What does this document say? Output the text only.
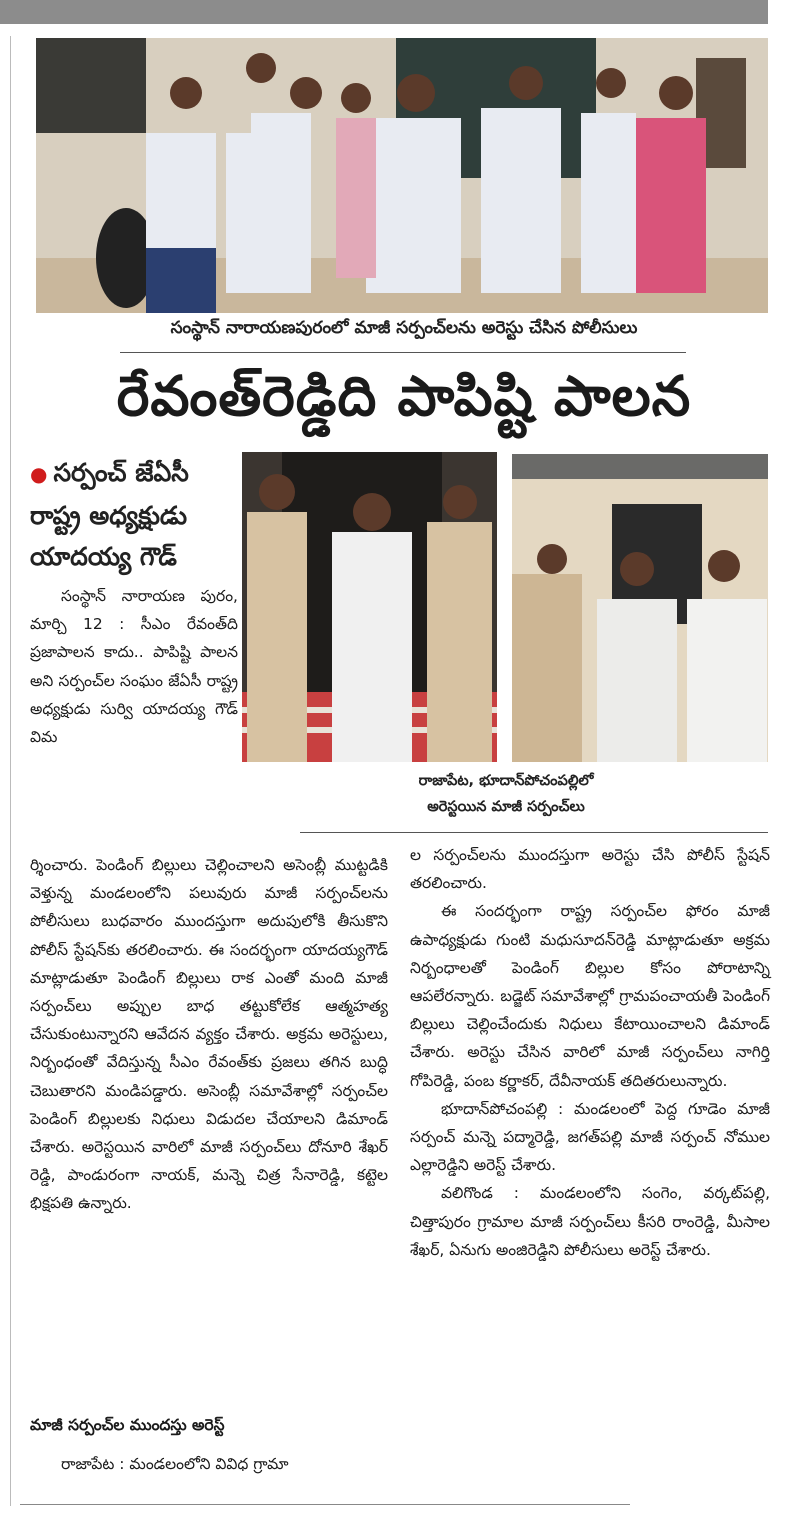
సంస్థాన్ నారాయణపురంలో మాజీ సర్పంచ్‌లను అరెస్టు చేసిన పోలీసులు
రేవంత్‌రెడ్డిది పాపిష్టి పాలన
● సర్పంచ్ జేఏసీ
రాష్ట్ర అధ్యక్షుడు
యాదయ్య గౌడ్
రాజాపేట, భూదాన్‌పోచంపల్లిలో
అరెస్టయిన మాజీ సర్పంచ్‌లు

సంస్థాన్ నారాయణ పురం, మార్చి 12 : సీఎం రేవంత్‌ది ప్రజాపాలన కాదు.. పాపిష్టి పాలన అని సర్పంచ్‌ల సంఘం జేఏసీ రాష్ట్ర అధ్యక్షుడు సుర్వి యాదయ్య గౌడ్ విమ

ర్శించారు. పెండింగ్ బిల్లులు చెల్లించాలని అసెంబ్లీ ముట్టడికి వెళ్తున్న మండలంలోని పలువురు మాజీ సర్పంచ్‌లను పోలీసులు బుధవారం ముందస్తుగా అదుపులోకి తీసుకొని పోలీస్ స్టేషన్‌కు తరలించారు. ఈ సందర్భంగా యాదయ్యగౌడ్ మాట్లాడుతూ పెండింగ్ బిల్లులు రాక ఎంతో మంది మాజీ సర్పంచ్‌లు అప్పుల బాధ తట్టుకోలేక ఆత్మహత్య చేసుకుంటున్నారని ఆవేదన వ్యక్తం చేశారు. అక్రమ అరెస్టులు, నిర్బంధంతో వేదిస్తున్న సీఎం రేవంత్‌కు ప్రజలు తగిన బుద్ధి చెబుతారని మండిపడ్డారు. అసెంబ్లీ సమావేశాల్లో సర్పంచ్‌ల పెండింగ్ బిల్లులకు నిధులు విడుదల చేయాలని డిమాండ్ చేశారు. అరెస్టయిన వారిలో మాజీ సర్పంచ్‌లు దోనూరి శేఖర్ రెడ్డి, పాండురంగా నాయక్, మన్నె చిత్ర సేనారెడ్డి, కట్టెల భిక్షపతి ఉన్నారు.

మాజీ సర్పంచ్‌ల ముందస్తు అరెస్ట్

రాజాపేట : మండలంలోని వివిధ గ్రామా

ల సర్పంచ్‌లను ముందస్తుగా అరెస్టు చేసి పోలీస్ స్టేషన్ తరలించారు.

ఈ సందర్భంగా రాష్ట్ర సర్పంచ్‌ల ఫోరం మాజీ ఉపాధ్యక్షుడు గుంటి మధుసూదన్‌రెడ్డి మాట్లాడుతూ అక్రమ నిర్బంధాలతో పెండింగ్ బిల్లుల కోసం పోరాటాన్ని ఆపలేరన్నారు. బడ్జెట్ సమావేశాల్లో గ్రామపంచాయతీ పెండింగ్ బిల్లులు చెల్లించేందుకు నిధులు కేటాయించాలని డిమాండ్ చేశారు. అరెస్టు చేసిన వారిలో మాజీ సర్పంచ్‌లు నాగిర్తి గోపిరెడ్డి, పంబ కర్ణాకర్, దేవీనాయక్ తదితరులున్నారు.

భూదాన్‌పోచంపల్లి : మండలంలో పెద్ద గూడెం మాజీ సర్పంచ్ మన్నె పద్మారెడ్డి, జగత్‌పల్లి మాజీ సర్పంచ్ నోముల ఎల్లారెడ్డిని అరెస్ట్ చేశారు.

వలిగొండ : మండలంలోని సంగెం, వర్కట్‌పల్లి, చిత్తాపురం గ్రామాల మాజీ సర్పంచ్‌లు కీసరి రాంరెడ్డి, మీసాల శేఖర్, ఏనుగు అంజిరెడ్డిని పోలీసులు అరెస్ట్ చేశారు.
